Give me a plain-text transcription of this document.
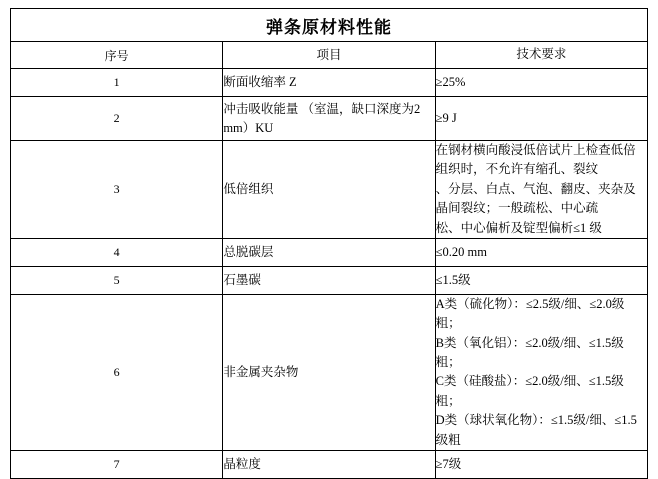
弹条原材料性能		
序号	项目	技术要求
1	断面收缩率 Z	≥25%

2	冲击吸收能量 （室温，缺口深度为2 mm）KU	≥9 J

3	低倍组织	在钢材横向酸浸低倍试片上检查低倍组织时，不允许有缩孔、裂纹
、分层、白点、气泡、翻皮、夹杂及晶间裂纹；一般疏松、中心疏
松、中心偏析及锭型偏析≤1 级

4	总脱碳层	≤0.20 mm

5	石墨碳	≤1.5级

6	非金属夹杂物	A类（硫化物）：≤2.5级/细、≤2.0级粗；
B类（氧化铝）：≤2.0级/细、≤1.5级粗；
C类（硅酸盐）：≤2.0级/细、≤1.5级粗；
D类（球状氧化物）：≤1.5级/细、≤1.5级粗

7	晶粒度	≥7级
